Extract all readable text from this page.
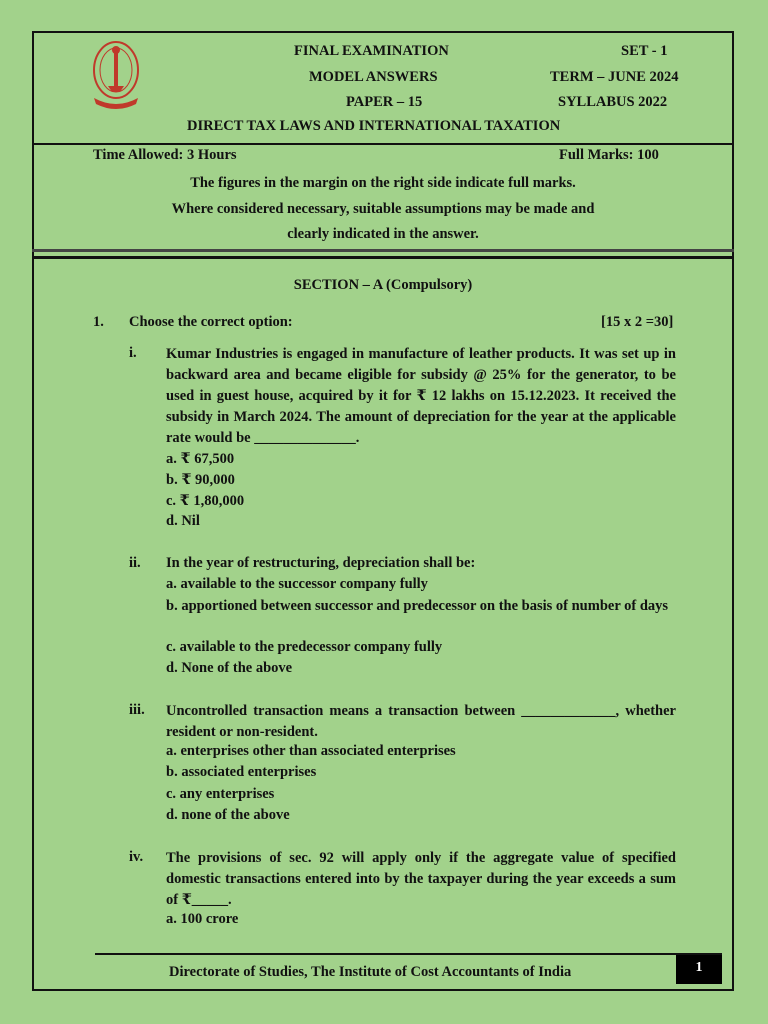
FINAL EXAMINATION	SET - 1
MODEL ANSWERS	TERM – JUNE 2024
PAPER – 15	SYLLABUS 2022
DIRECT TAX LAWS AND INTERNATIONAL TAXATION
Time Allowed: 3 Hours	Full Marks: 100
The figures in the margin on the right side indicate full marks.
Where considered necessary, suitable assumptions may be made and
clearly indicated in the answer.
SECTION – A (Compulsory)
1. Choose the correct option:	[15 x 2 =30]
i. Kumar Industries is engaged in manufacture of leather products. It was set up in backward area and became eligible for subsidy @ 25% for the generator, to be used in guest house, acquired by it for ₹ 12 lakhs on 15.12.2023. It received the subsidy in March 2024. The amount of depreciation for the year at the applicable rate would be ______________.
a. ₹ 67,500
b. ₹ 90,000
c. ₹ 1,80,000
d. Nil
ii. In the year of restructuring, depreciation shall be:
a. available to the successor company fully
b. apportioned between successor and predecessor on the basis of number of days
c. available to the predecessor company fully
d. None of the above
iii. Uncontrolled transaction means a transaction between _____________, whether resident or non-resident.
a. enterprises other than associated enterprises
b. associated enterprises
c. any enterprises
d. none of the above
iv. The provisions of sec. 92 will apply only if the aggregate value of specified domestic transactions entered into by the taxpayer during the year exceeds a sum of ₹_____.
a. 100 crore
Directorate of Studies, The Institute of Cost Accountants of India	1
